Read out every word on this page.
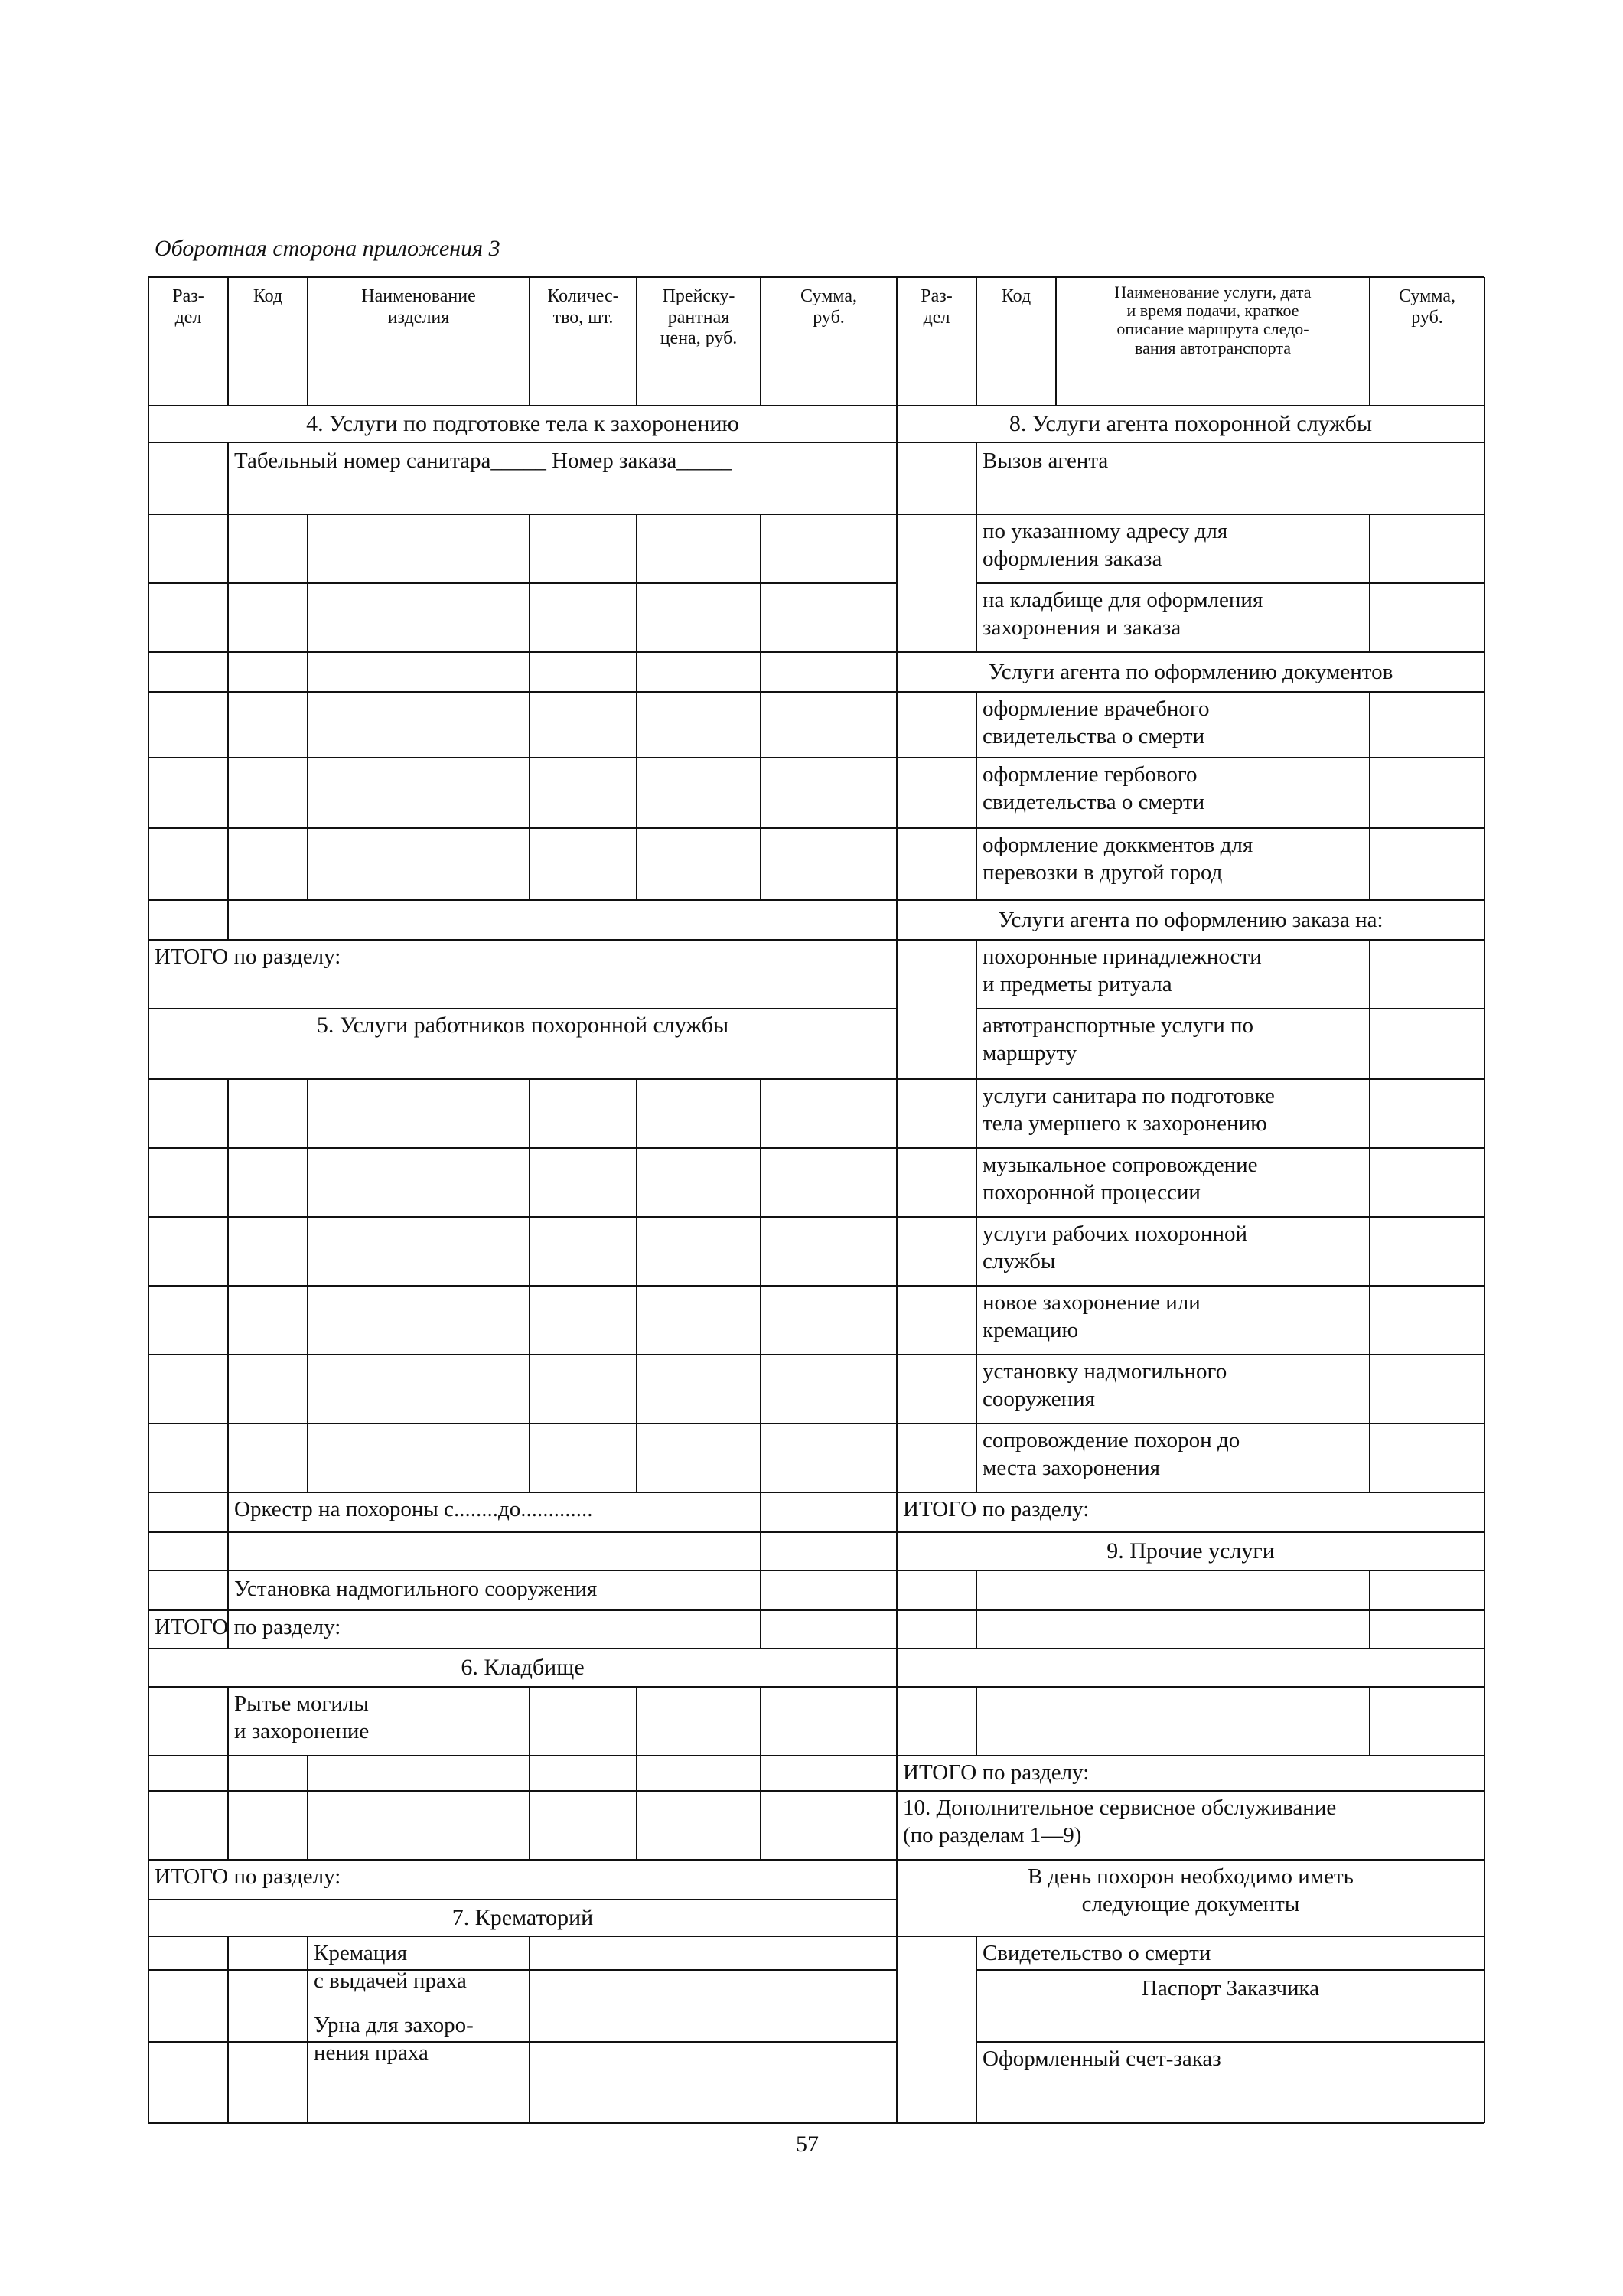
Оборотная сторона приложения 3
Раз-
дел
Код	Наименование
изделия
Количес-
тво, шт.
Прейску-
рантная
цена, руб.
Сумма,
руб.
Раз-
дел
Код	Наименование услуги, дата
и время подачи, краткое
описание маршрута следо-
вания автотранспорта
Сумма,
руб.
4. Услуги по подготовке тела к захоронению
Табельный номер санитара_____ Номер заказа_____
ИТОГО по разделу:
5. Услуги работников похоронной службы
Оркестр на похороны с........до.............
Установка надмогильного сооружения
ИТОГО по разделу:
6. Кладбище
Рытье могилы
и захоронение
ИТОГО по разделу:
7. Крематорий
Кремация
с выдачей праха
Урна для захоро-
нения праха
8. Услуги агента похоронной службы
Вызов агента
по указанному адресу для
оформления заказа
на кладбище для оформления
захоронения и заказа
Услуги агента по оформлению документов
оформление врачебного
свидетельства о смерти
оформление гербового
свидетельства о смерти
оформление доккментов для
перевозки в другой город
Услуги агента по оформлению заказа на:
похоронные принадлежности
и предметы ритуала
автотранспортные услуги по
маршруту
услуги санитара по подготовке
тела умершего к захоронению
музыкальное сопровождение
похоронной процессии
услуги рабочих похоронной
службы
новое захоронение или
кремацию
установку надмогильного
сооружения
сопровождение похорон до
места захоронения
ИТОГО по разделу:
9. Прочие услуги
ИТОГО по разделу:
10. Дополнительное сервисное обслуживание
(по разделам 1—9)
В день похорон необходимо иметь
следующие документы
Свидетельство о смерти
Паспорт Заказчика
Оформленный счет-заказ
57
